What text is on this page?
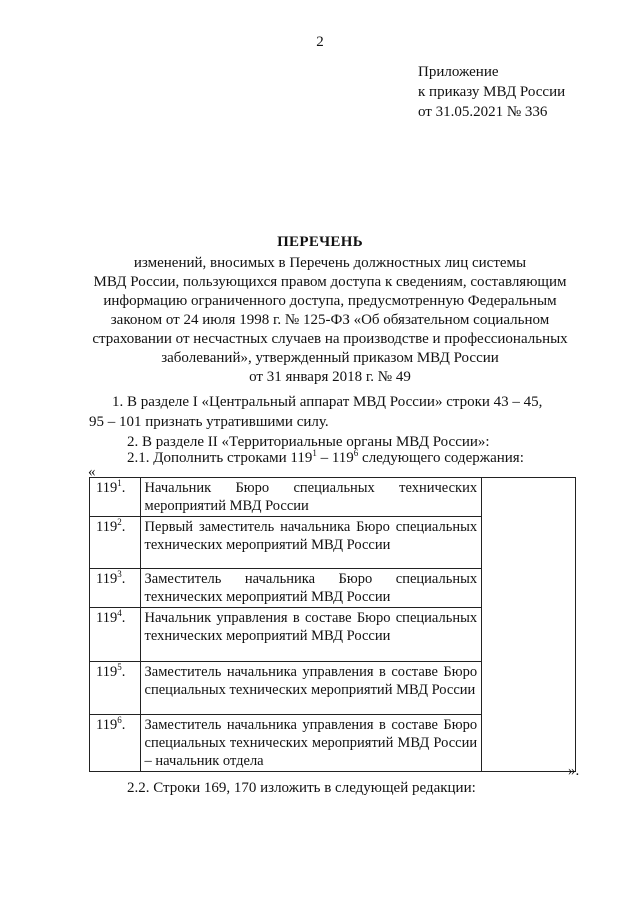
2
Приложение
к приказу МВД России
от 31.05.2021 № 336
ПЕРЕЧЕНЬ
изменений, вносимых в Перечень должностных лиц системы
МВД России, пользующихся правом доступа к сведениям, составляющим
информацию ограниченного доступа, предусмотренную Федеральным
законом от 24 июля 1998 г. № 125-ФЗ «Об обязательном социальном
страховании от несчастных случаев на производстве и профессиональных
заболеваний», утвержденный приказом МВД России
от 31 января 2018 г. № 49
1. В разделе I «Центральный аппарат МВД России» строки 43 – 45,
95 – 101 признать утратившими силу.
2. В разделе II «Территориальные органы МВД России»:
2.1. Дополнить строками $119^1 - 119^6$ следующего содержания:
«
$119^1$.	Начальник Бюро специальных технических мероприятий МВД России	
$119^2$.	Первый заместитель начальника Бюро специальных технических мероприятий МВД России	
$119^3$.	Заместитель начальника Бюро специальных технических мероприятий МВД России	
$119^4$.	Начальник управления в составе Бюро специальных технических мероприятий МВД России	
$119^5$.	Заместитель начальника управления в составе Бюро специальных технических мероприятий МВД России	
$119^6$.	Заместитель начальника управления в составе Бюро специальных технических мероприятий МВД России – начальник отдела	
».
2.2. Строки 169, 170 изложить в следующей редакции:
